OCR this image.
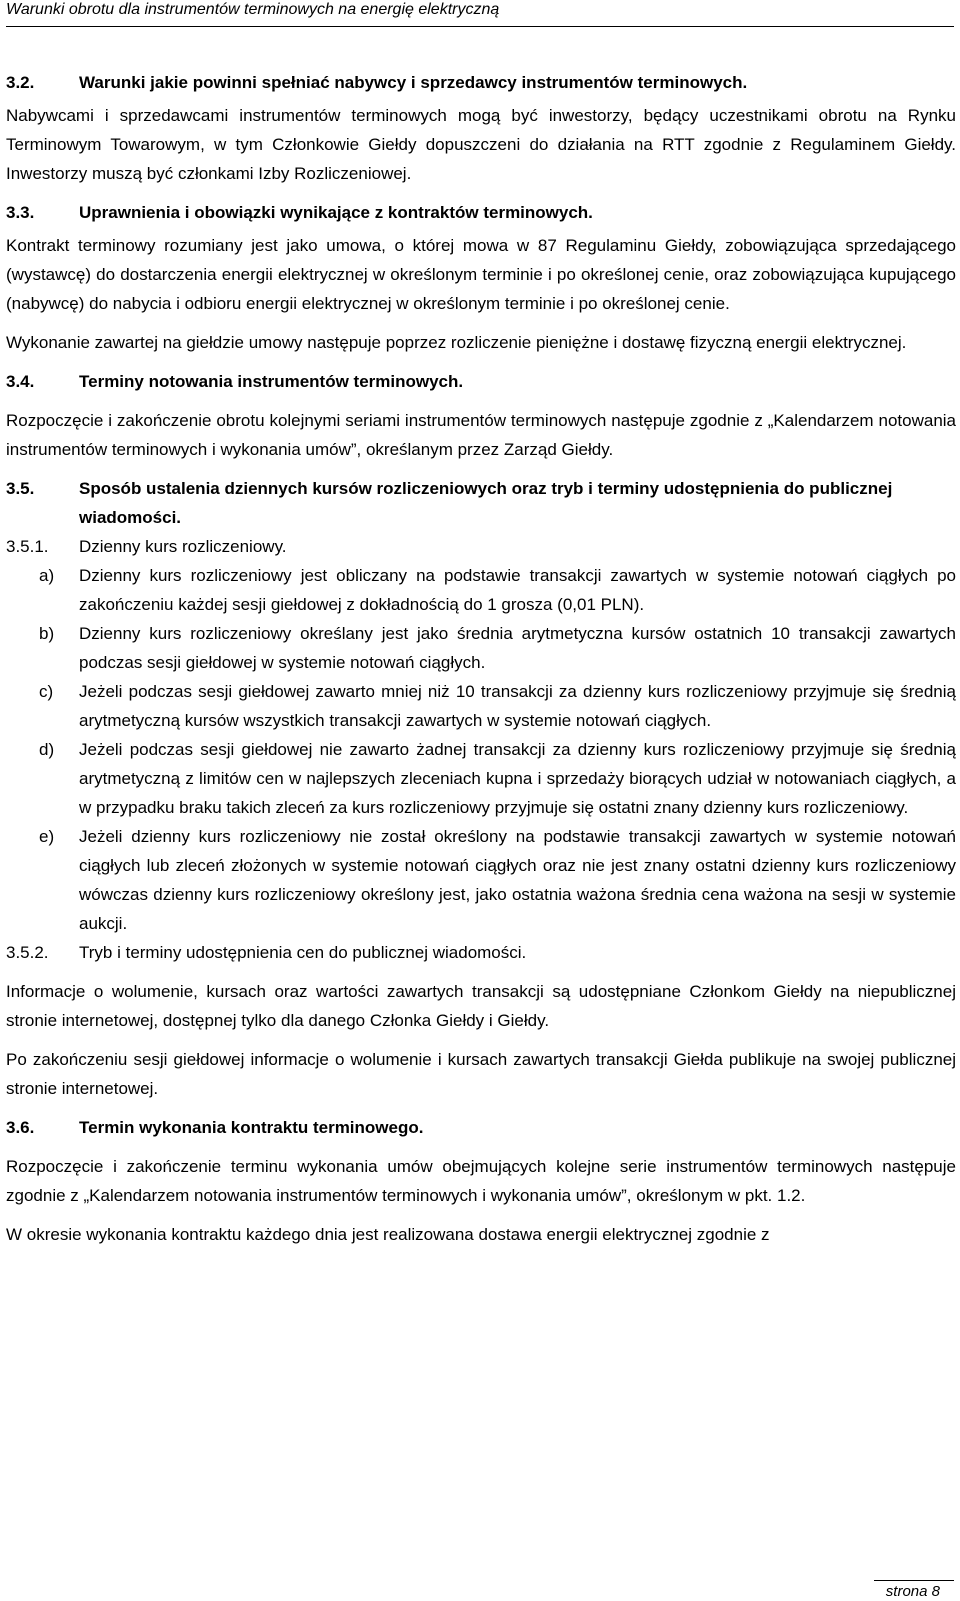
Warunki obrotu dla instrumentów terminowych na energię elektryczną
3.2.	Warunki jakie powinni spełniać nabywcy i sprzedawcy instrumentów terminowych.

Nabywcami i sprzedawcami instrumentów terminowych mogą być inwestorzy, będący uczestnikami obrotu na Rynku Terminowym Towarowym, w tym Członkowie Giełdy dopuszczeni do działania na RTT zgodnie z Regulaminem Giełdy. Inwestorzy muszą być członkami Izby Rozliczeniowej.

3.3.	Uprawnienia i obowiązki wynikające z kontraktów terminowych.

Kontrakt terminowy rozumiany jest jako umowa, o której mowa w 87 Regulaminu Giełdy, zobowiązująca sprzedającego (wystawcę) do dostarczenia energii elektrycznej w określonym terminie i po określonej cenie, oraz zobowiązująca kupującego (nabywcę) do nabycia i odbioru energii elektrycznej w określonym terminie i po określonej cenie.

Wykonanie zawartej na giełdzie umowy następuje poprzez rozliczenie pieniężne i dostawę fizyczną energii elektrycznej.

3.4.	Terminy notowania instrumentów terminowych.

Rozpoczęcie i zakończenie obrotu kolejnymi seriami instrumentów terminowych następuje zgodnie z „Kalendarzem notowania instrumentów terminowych i wykonania umów”, określanym przez Zarząd Giełdy.

3.5.	Sposób ustalenia dziennych kursów rozliczeniowych oraz tryb i terminy udostępnienia do publicznej wiadomości.
3.5.1.	Dzienny kurs rozliczeniowy.
a)	Dzienny kurs rozliczeniowy jest obliczany na podstawie transakcji zawartych w systemie notowań ciągłych po zakończeniu każdej sesji giełdowej z dokładnością do 1 grosza (0,01 PLN).
b)	Dzienny kurs rozliczeniowy określany jest jako średnia arytmetyczna kursów ostatnich 10 transakcji zawartych podczas sesji giełdowej w systemie notowań ciągłych.
c)	Jeżeli podczas sesji giełdowej zawarto mniej niż 10 transakcji za dzienny kurs rozliczeniowy przyjmuje się średnią arytmetyczną kursów wszystkich transakcji zawartych w systemie notowań ciągłych.
d)	Jeżeli podczas sesji giełdowej nie zawarto żadnej transakcji za dzienny kurs rozliczeniowy przyjmuje się średnią arytmetyczną z limitów cen w najlepszych zleceniach kupna i sprzedaży biorących udział w notowaniach ciągłych, a w przypadku braku takich zleceń za kurs rozliczeniowy przyjmuje się ostatni znany dzienny kurs rozliczeniowy.
e)	Jeżeli dzienny kurs rozliczeniowy nie został określony na podstawie transakcji zawartych w systemie notowań ciągłych lub zleceń złożonych w systemie notowań ciągłych oraz nie jest znany ostatni dzienny kurs rozliczeniowy wówczas dzienny kurs rozliczeniowy określony jest, jako ostatnia ważona średnia cena ważona na sesji w systemie aukcji.
3.5.2.	Tryb i terminy udostępnienia cen do publicznej wiadomości.

Informacje o wolumenie, kursach oraz wartości zawartych transakcji są udostępniane Członkom Giełdy na niepublicznej stronie internetowej, dostępnej tylko dla danego Członka Giełdy i Giełdy.

Po zakończeniu sesji giełdowej informacje o wolumenie i kursach zawartych transakcji Giełda publikuje na swojej publicznej stronie internetowej.

3.6.	Termin wykonania kontraktu terminowego.

Rozpoczęcie i zakończenie terminu wykonania umów obejmujących kolejne serie instrumentów terminowych następuje zgodnie z „Kalendarzem notowania instrumentów terminowych i wykonania umów”, określonym w pkt. 1.2.

W okresie wykonania kontraktu każdego dnia jest realizowana dostawa energii elektrycznej zgodnie z

strona 8
